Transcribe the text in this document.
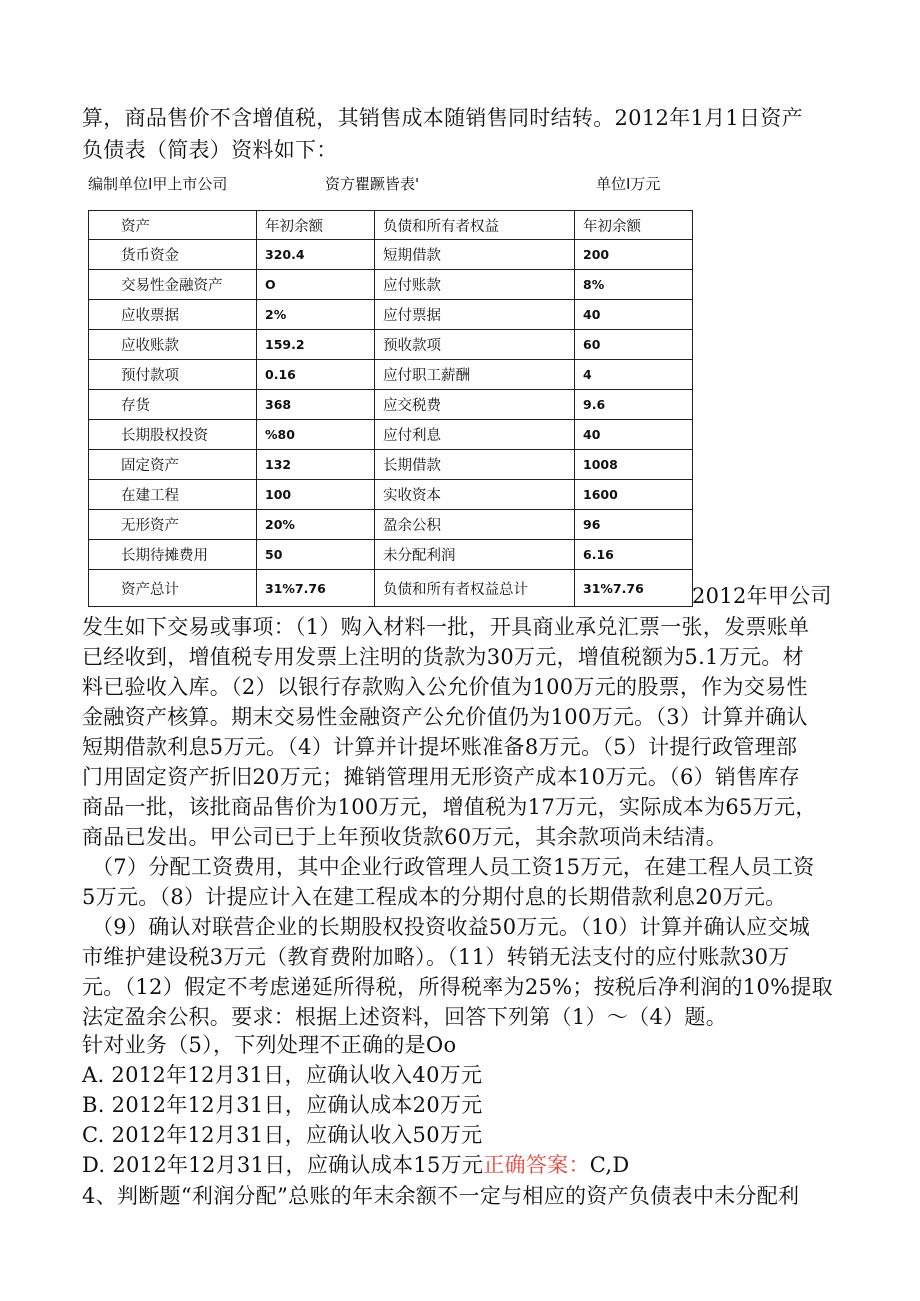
算，商品售价不含增值税，其销售成本随销售同时结转。2012年1月1日资产
负债表（简表）资料如下：
编制单位I甲上市公司	资方瞿蹶皆表'	单位I万元
资产	年初余额	负债和所有者权益	年初余额
货币资金	320.4	短期借款	200
交易性金融资产	O	应付账款	8%
应收票据	2%	应付票据	40
应收账款	159.2	预收款项	60
预付款项	0.16	应付职工薪酬	4
存货	368	应交税费	9.6
长期股权投资	%80	应付利息	40
固定资产	132	长期借款	1008
在建工程	100	实收资本	1600
无形资产	20%	盈余公积	96
长期待摊费用	50	未分配利润	6.16
资产总计	31%7.76	负债和所有者权益总计	31%7.76 2012年甲公司
发生如下交易或事项：（1）购入材料一批，开具商业承兑汇票一张，发票账单
已经收到，增值税专用发票上注明的货款为30万元，增值税额为5.1万元。材
料已验收入库。（2）以银行存款购入公允价值为100万元的股票，作为交易性
金融资产核算。期末交易性金融资产公允价值仍为100万元。（3）计算并确认
短期借款利息5万元。（4）计算并计提坏账准备8万元。（5）计提行政管理部
门用固定资产折旧20万元；摊销管理用无形资产成本10万元。（6）销售库存
商品一批，该批商品售价为100万元，增值税为17万元，实际成本为65万元，
商品已发出。甲公司已于上年预收货款60万元，其余款项尚未结清。
（7）分配工资费用，其中企业行政管理人员工资15万元，在建工程人员工资
5万元。（8）计提应计入在建工程成本的分期付息的长期借款利息20万元。
（9）确认对联营企业的长期股权投资收益50万元。（10）计算并确认应交城
市维护建设税3万元（教育费附加略）。（11）转销无法支付的应付账款30万
元。（12）假定不考虑递延所得税，所得税率为25%；按税后净利润的10%提取
法定盈余公积。要求：根据上述资料，回答下列第（1）～（4）题。
针对业务（5），下列处理不正确的是Oo
A. 2012年12月31日，应确认收入40万元
B. 2012年12月31日，应确认成本20万元
C. 2012年12月31日，应确认收入50万元
D. 2012年12月31日，应确认成本15万元正确答案：C,D
4、判断题“利润分配”总账的年末余额不一定与相应的资产负债表中未分配利
